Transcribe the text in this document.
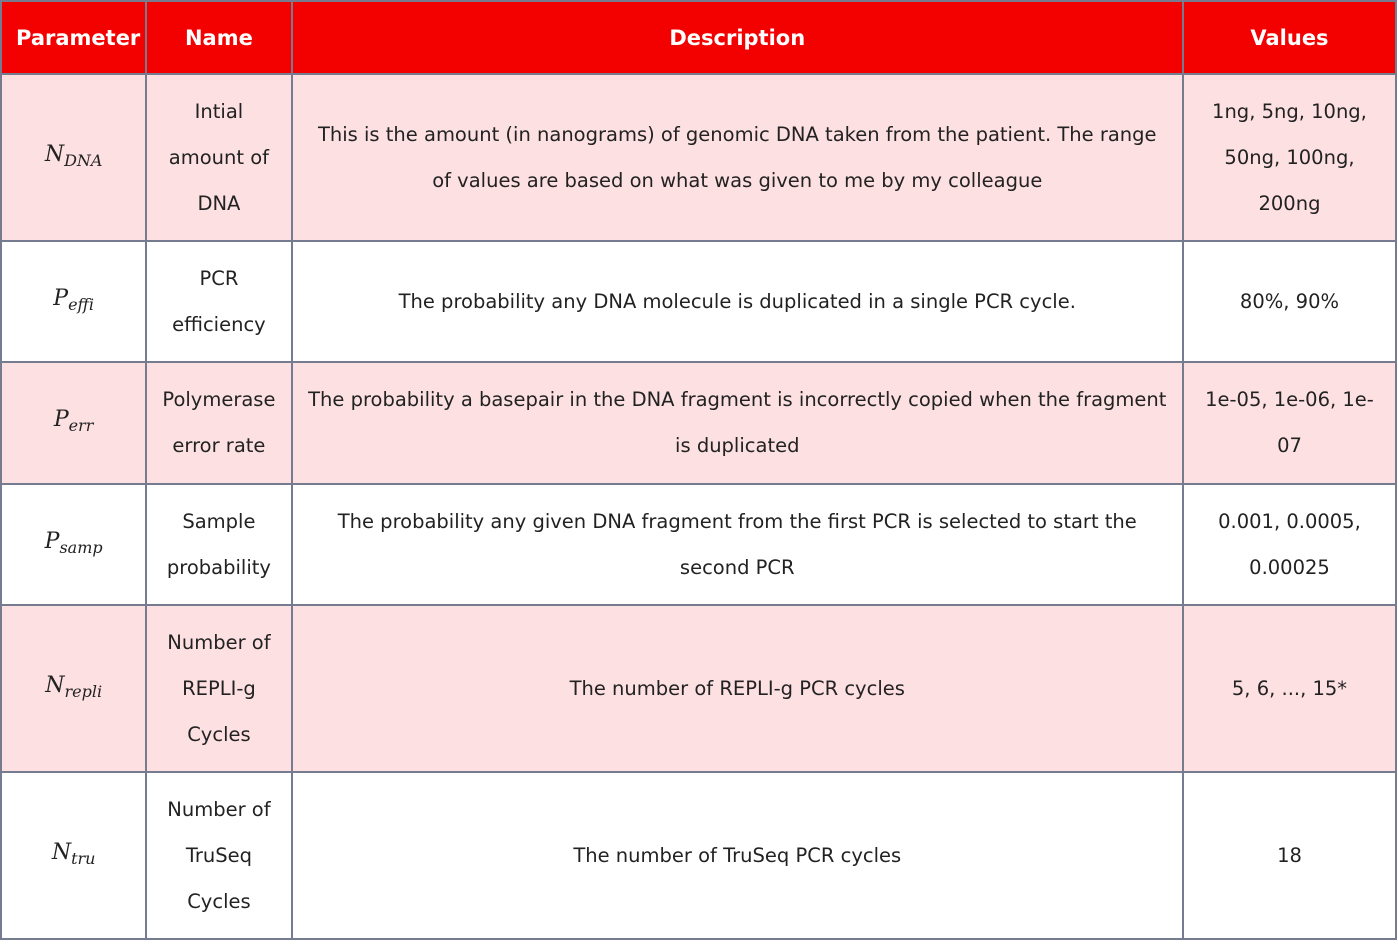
Parameter	Name	Description	Values
$N_{DNA}$	Intial amount of DNA	This is the amount (in nanograms) of genomic DNA taken from the patient. The range of values are based on what was given to me by my colleague	1ng, 5ng, 10ng, 50ng, 100ng, 200ng
$P_{effi}$	PCR efficiency	The probability any DNA molecule is duplicated in a single PCR cycle.	80%, 90%
$P_{err}$	Polymerase error rate	The probability a basepair in the DNA fragment is incorrectly copied when the fragment is duplicated	1e-05, 1e-06, 1e-07
$P_{samp}$	Sample probability	The probability any given DNA fragment from the first PCR is selected to start the second PCR	0.001, 0.0005, 0.00025
$N_{repli}$	Number of REPLI-g Cycles	The number of REPLI-g PCR cycles	5, 6, ..., 15*
$N_{tru}$	Number of TruSeq Cycles	The number of TruSeq PCR cycles	18
